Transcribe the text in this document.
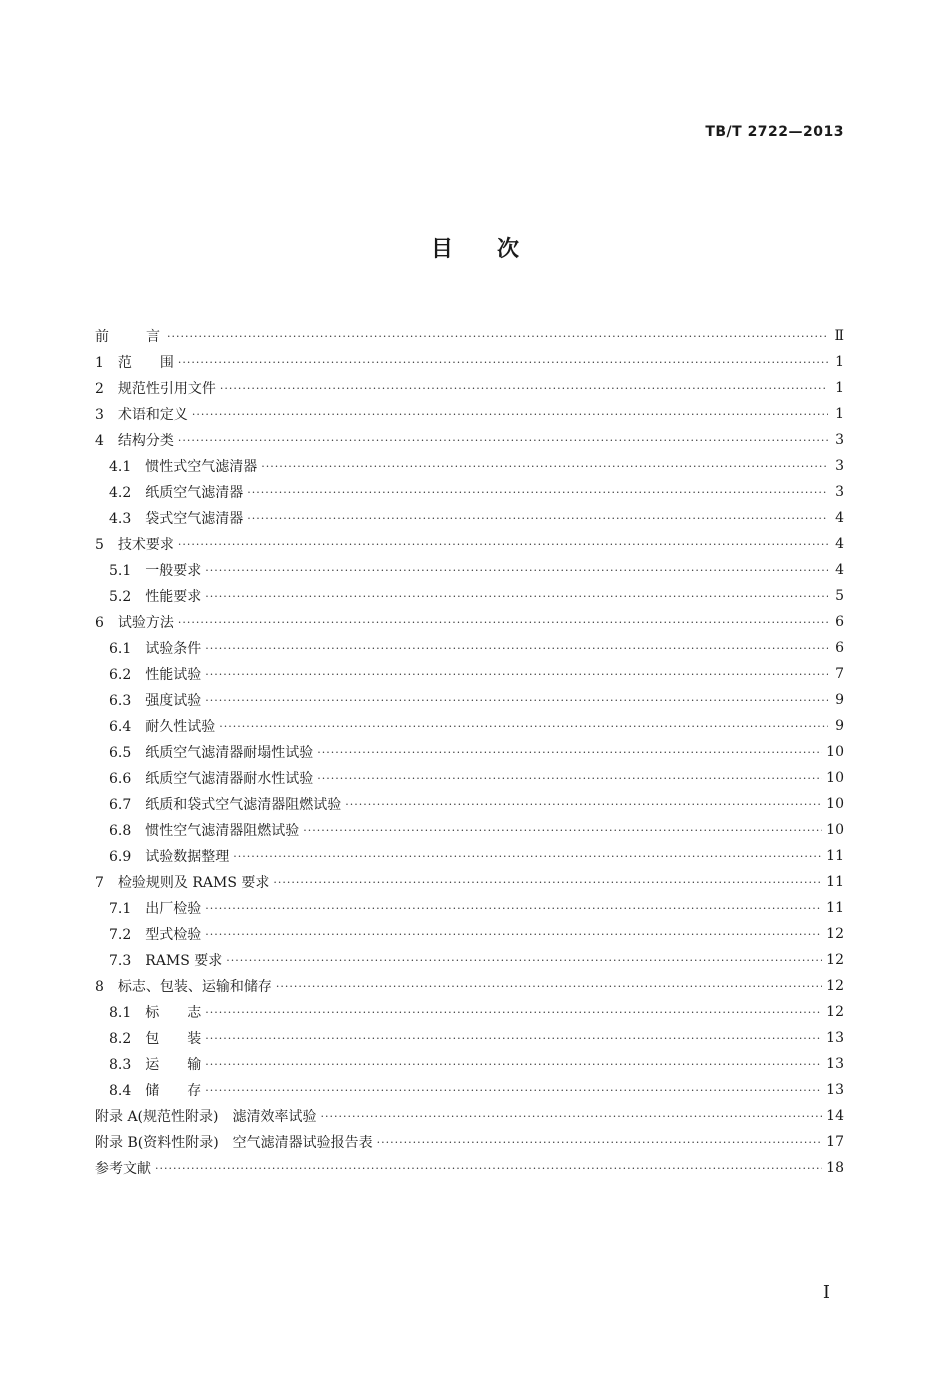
TB/T 2722—2013
目次
前　　言 ·····	Ⅱ
1　范　　围 ·····	1
2　规范性引用文件 ·····	1
3　术语和定义 ·····	1
4　结构分类 ·····	3
4.1　惯性式空气滤清器 ·····	3
4.2　纸质空气滤清器 ·····	3
4.3　袋式空气滤清器 ·····	4
5　技术要求 ·····	4
5.1　一般要求 ·····	4
5.2　性能要求 ·····	5
6　试验方法 ·····	6
6.1　试验条件 ·····	6
6.2　性能试验 ·····	7
6.3　强度试验 ·····	9
6.4　耐久性试验 ·····	9
6.5　纸质空气滤清器耐塌性试验 ·····	10
6.6　纸质空气滤清器耐水性试验 ·····	10
6.7　纸质和袋式空气滤清器阻燃试验 ·····	10
6.8　惯性空气滤清器阻燃试验 ·····	10
6.9　试验数据整理 ·····	11
7　检验规则及 RAMS 要求 ·····	11
7.1　出厂检验 ·····	11
7.2　型式检验 ·····	12
7.3　RAMS 要求 ·····	12
8　标志、包装、运输和储存 ·····	12
8.1　标　　志 ·····	12
8.2　包　　装 ·····	13
8.3　运　　输 ·····	13
8.4　储　　存 ·····	13
附录 A(规范性附录)　滤清效率试验 ·····	14
附录 B(资料性附录)　空气滤清器试验报告表 ·····	17
参考文献 ·····	18
Ⅰ
